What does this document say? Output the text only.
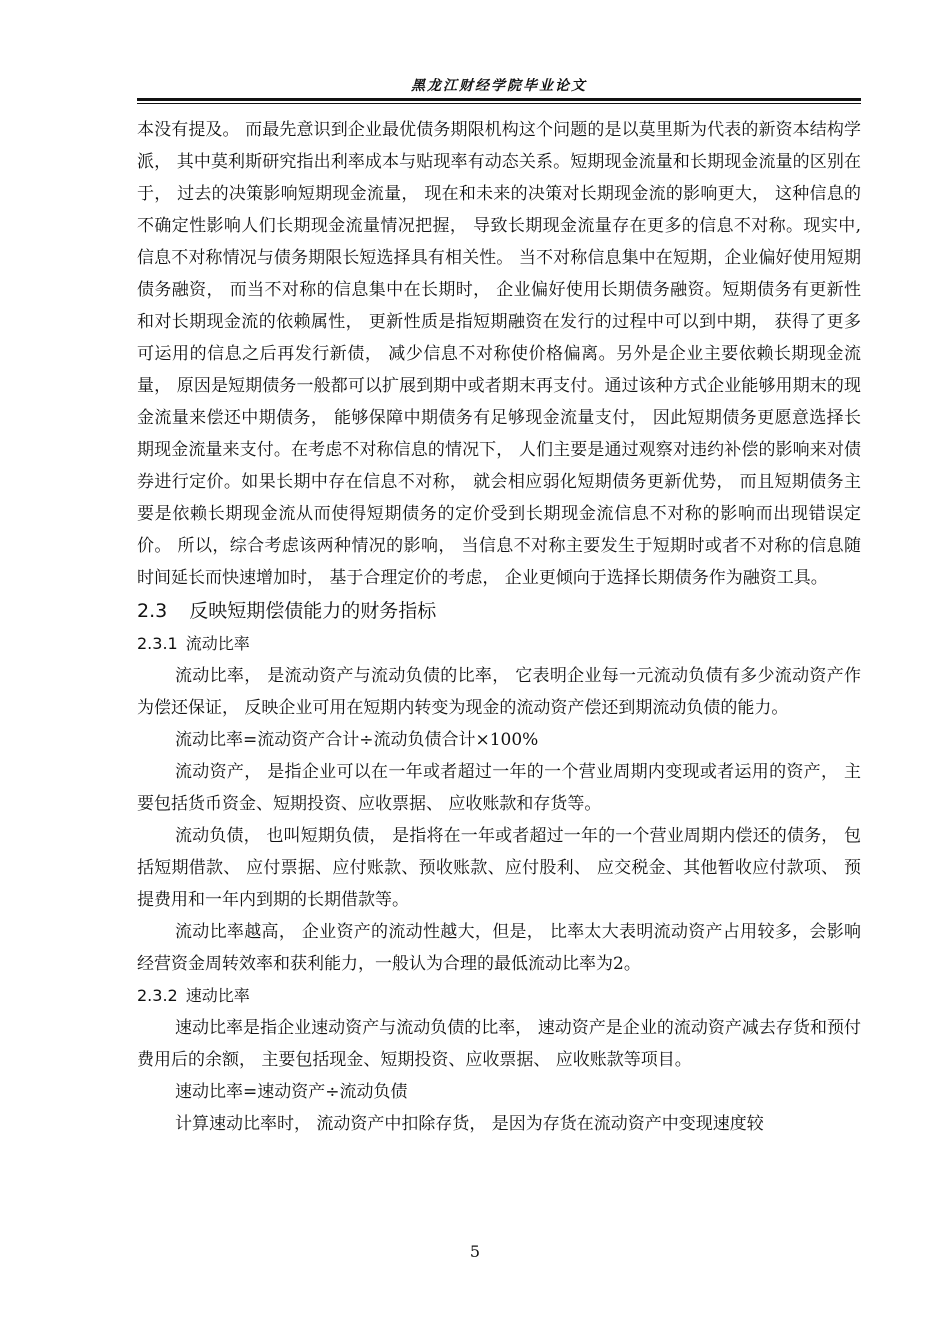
黑龙江财经学院毕业论文

本没有提及。 而最先意识到企业最优债务期限机构这个问题的是以莫里斯为代表的新资本结构学派， 其中莫利斯研究指出利率成本与贴现率有动态关系。短期现金流量和长期现金流量的区别在于， 过去的决策影响短期现金流量， 现在和未来的决策对长期现金流的影响更大， 这种信息的不确定性影响人们长期现金流量情况把握， 导致长期现金流量存在更多的信息不对称。现实中,信息不对称情况与债务期限长短选择具有相关性。 当不对称信息集中在短期，企业偏好使用短期债务融资， 而当不对称的信息集中在长期时， 企业偏好使用长期债务融资。短期债务有更新性和对长期现金流的依赖属性， 更新性质是指短期融资在发行的过程中可以到中期， 获得了更多可运用的信息之后再发行新债， 减少信息不对称使价格偏离。另外是企业主要依赖长期现金流量， 原因是短期债务一般都可以扩展到期中或者期末再支付。通过该种方式企业能够用期末的现金流量来偿还中期债务， 能够保障中期债务有足够现金流量支付， 因此短期债务更愿意选择长期现金流量来支付。在考虑不对称信息的情况下， 人们主要是通过观察对违约补偿的影响来对债券进行定价。如果长期中存在信息不对称， 就会相应弱化短期债务更新优势， 而且短期债务主要是依赖长期现金流从而使得短期债务的定价受到长期现金流信息不对称的影响而出现错误定价。 所以，综合考虑该两种情况的影响， 当信息不对称主要发生于短期时或者不对称的信息随时间延长而快速增加时， 基于合理定价的考虑， 企业更倾向于选择长期债务作为融资工具。

2.3 反映短期偿债能力的财务指标
2.3.1 流动比率

流动比率， 是流动资产与流动负债的比率， 它表明企业每一元流动负债有多少流动资产作为偿还保证， 反映企业可用在短期内转变为现金的流动资产偿还到期流动负债的能力。

流动比率=流动资产合计÷流动负债合计×100%

流动资产， 是指企业可以在一年或者超过一年的一个营业周期内变现或者运用的资产， 主要包括货币资金、短期投资、应收票据、 应收账款和存货等。

流动负债， 也叫短期负债， 是指将在一年或者超过一年的一个营业周期内偿还的债务， 包括短期借款、 应付票据、应付账款、预收账款、应付股利、 应交税金、其他暂收应付款项、 预提费用和一年内到期的长期借款等。

流动比率越高， 企业资产的流动性越大，但是， 比率太大表明流动资产占用较多，会影响经营资金周转效率和获利能力，一般认为合理的最低流动比率为2。

2.3.2 速动比率

速动比率是指企业速动资产与流动负债的比率， 速动资产是企业的流动资产减去存货和预付费用后的余额， 主要包括现金、短期投资、应收票据、 应收账款等项目。

速动比率=速动资产÷流动负债

计算速动比率时， 流动资产中扣除存货， 是因为存货在流动资产中变现速度较

5
